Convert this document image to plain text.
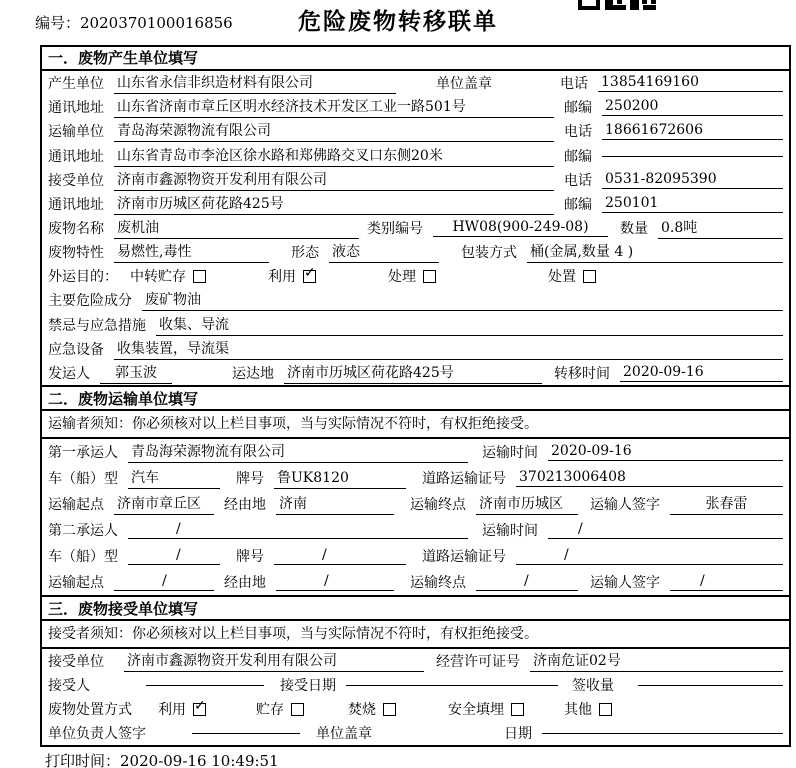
编号：2020370100016856	危险废物转移联单
一．废物产生单位填写
产生单位 山东省永信非织造材料有限公司	单位盖章	电话 13854169160
通讯地址 山东省济南市章丘区明水经济技术开发区工业一路501号	邮编 250200
运输单位 青岛海荣源物流有限公司	电话 18661672606
通讯地址 山东省青岛市李沧区徐水路和郑佛路交叉口东侧20米	邮编
接受单位 济南市鑫源物资开发利用有限公司	电话 0531-82095390
通讯地址 济南市历城区荷花路425号	邮编 250101
废物名称 废机油	类别编号	HW08(900-249-08)	数量 0.8吨
废物特性 易燃性,毒性	形态 液态	包装方式 桶(金属,数量 4 )
外运目的： 中转贮存	利用 ✓	处理	处置
主要危险成分 废矿物油
禁忌与应急措施 收集、导流
应急设备 收集装置，导流渠
发运人	郭玉波	运达地 济南市历城区荷花路425号	转移时间 2020-09-16
二．废物运输单位填写
运输者须知：你必须核对以上栏目事项，当与实际情况不符时，有权拒绝接受。
第一承运人 青岛海荣源物流有限公司	运输时间 2020-09-16
车（船）型 汽车	牌号 鲁UK8120	道路运输证号 370213006408
运输起点 济南市章丘区	经由地 济南	运输终点 济南市历城区	运输人签字	张春雷
第二承运人	/	运输时间	/
车（船）型	/	牌号	/	道路运输证号	/
运输起点	/	经由地	/	运输终点	/	运输人签字	/
三．废物接受单位填写
接受者须知：你必须核对以上栏目事项，当与实际情况不符时，有权拒绝接受。
接受单位 济南市鑫源物资开发利用有限公司	经营许可证号 济南危证02号
接受人	接受日期	签收量
废物处置方式 利用 ✓	贮存	焚烧	安全填埋	其他
单位负责人签字	单位盖章	日期
打印时间：2020-09-16 10:49:51
